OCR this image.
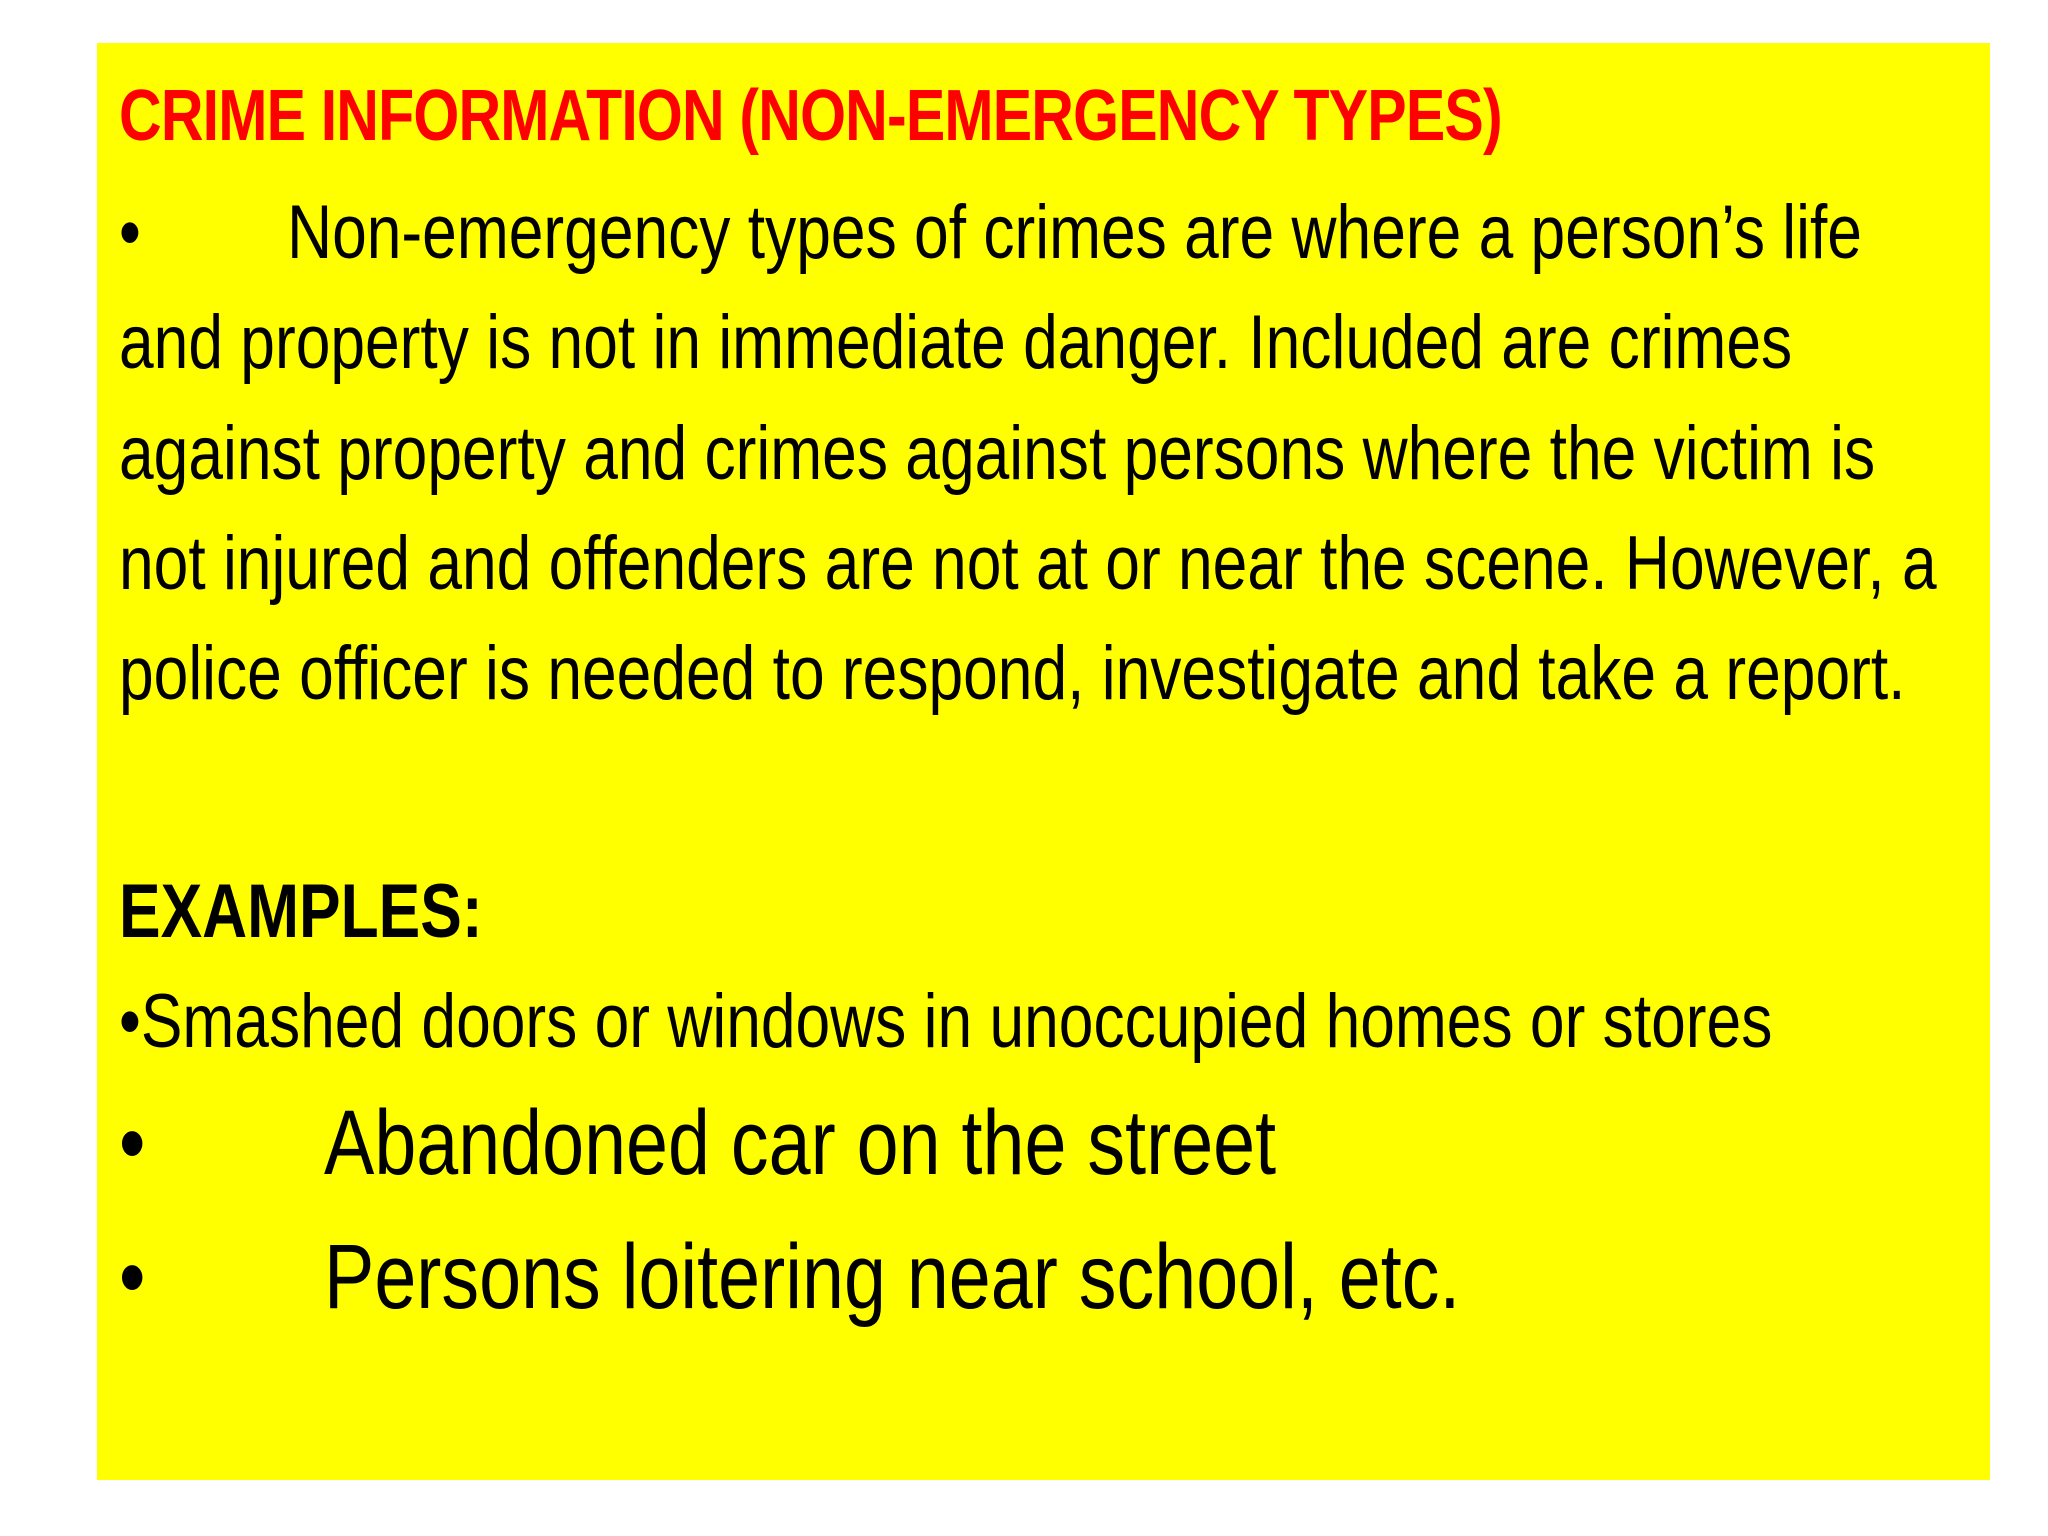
CRIME INFORMATION (NON-EMERGENCY TYPES)

• Non-emergency types of crimes are where a person’s life and property is not in immediate danger. Included are crimes against property and crimes against persons where the victim is not injured and offenders are not at or near the scene. However, a police officer is needed to respond, investigate and take a report.

EXAMPLES:
• Smashed doors or windows in unoccupied homes or stores
•	Abandoned car on the street
•	Persons loitering near school, etc.
